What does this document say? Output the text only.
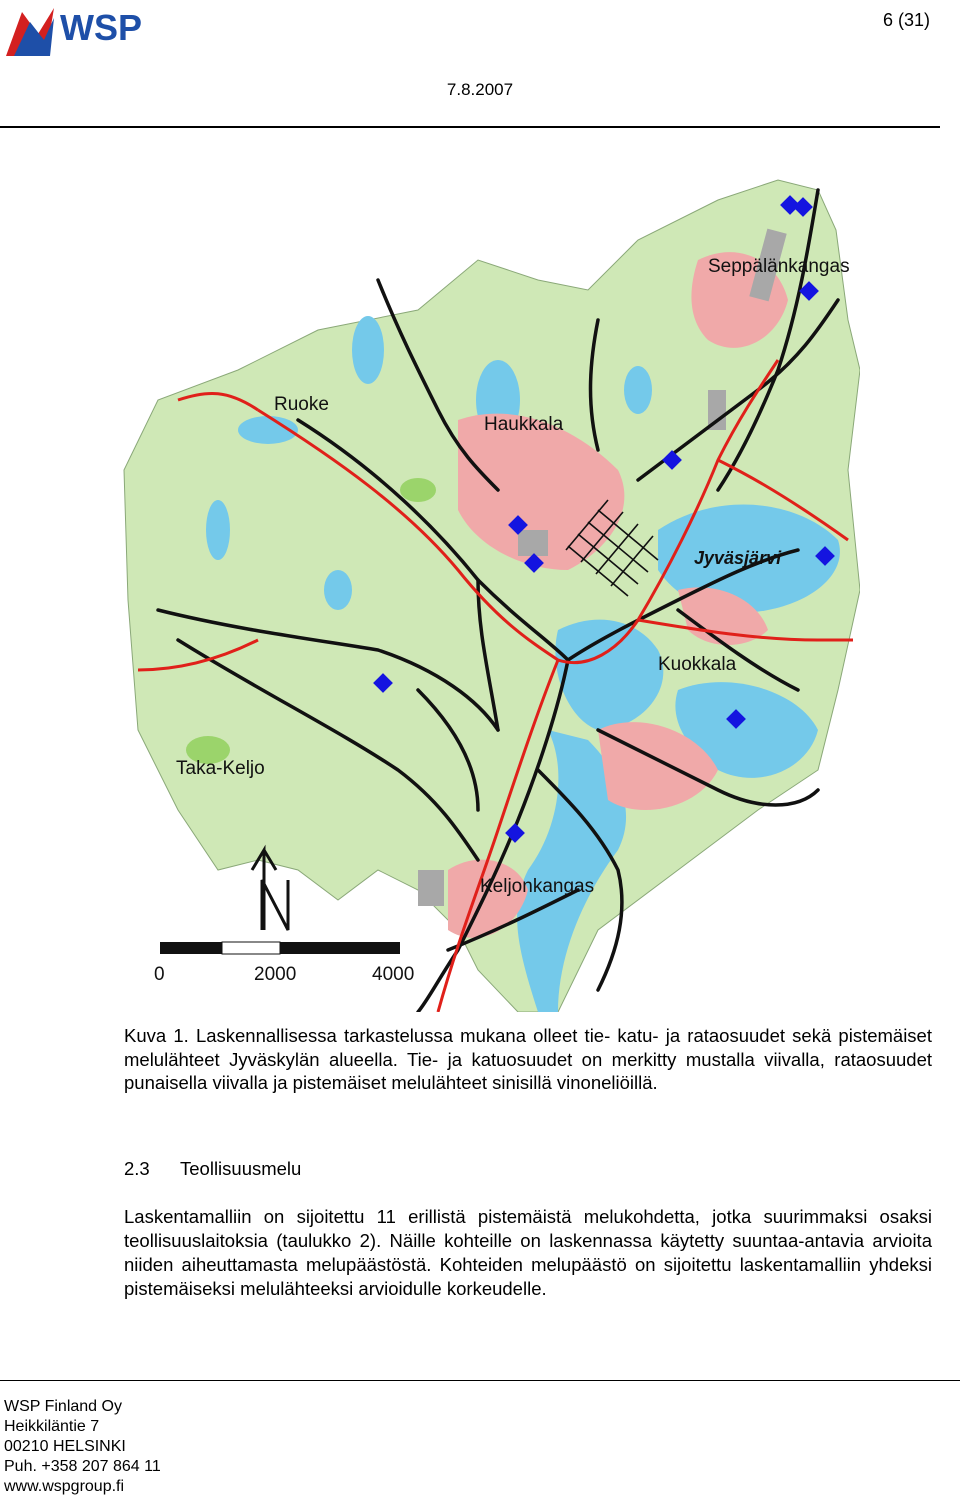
WSP	6 (31)
7.8.2007
Seppälänkangas
Ruoke
Haukkala
Jyväsjärvi
Kuokkala
Taka-Keljo
Keljonkangas
0	2000	4000
Kuva 1. Laskennallisessa tarkastelussa mukana olleet tie- katu- ja rataosuudet sekä pistemäiset melulähteet Jyväskylän alueella. Tie- ja katuosuudet on merkitty mustalla viivalla, rataosuudet punaisella viivalla ja pistemäiset melulähteet sinisillä vinoneliöillä.
2.3 Teollisuusmelu
Laskentamalliin on sijoitettu 11 erillistä pistemäistä melukohdetta, jotka suurimmaksi osaksi teollisuuslaitoksia (taulukko 2). Näille kohteille on laskennassa käytetty suuntaa-antavia arvioita niiden aiheuttamasta melupäästöstä. Kohteiden melupäästö on sijoitettu laskentamalliin yhdeksi pistemäiseksi melulähteeksi arvioidulle korkeudelle.
WSP Finland Oy
Heikkiläntie 7
00210 HELSINKI
Puh. +358 207 864 11
www.wspgroup.fi
